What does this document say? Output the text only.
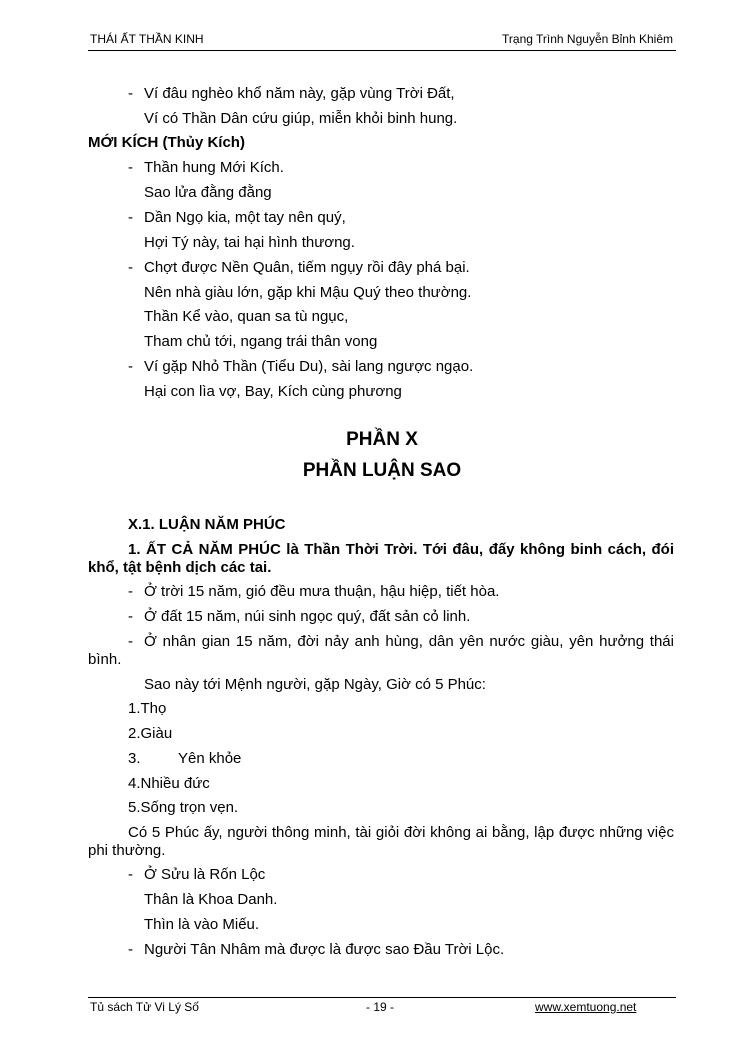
THÁI ẤT THẦN KINH	Trạng Trình Nguyễn Bỉnh Khiêm
- Ví đâu nghèo khổ năm này, gặp vùng Trời Đất,
Ví có Thần Dân cứu giúp, miễn khỏi binh hung.
MỚI KÍCH (Thủy Kích)
- Thần hung Mới Kích.
Sao lửa đằng đằng
- Dần Ngọ kia, một tay nên quý,
Hợi Tý này, tai hại hình thương.
- Chợt được Nền Quân, tiếm ngụy rồi đây phá bại.
Nên nhà giàu lớn, gặp khi Mậu Quý theo thường.
Thần Kể vào, quan sa tù ngục,
Tham chủ tới, ngang trái thân vong
- Ví gặp Nhỏ Thần (Tiểu Du), sài lang ngược ngạo.
Hại con lìa vợ, Bay, Kích cùng phương
PHẦN X
PHẦN LUẬN SAO
X.1. LUẬN NĂM PHÚC
1. ẤT CẢ NĂM PHÚC là Thần Thời Trời. Tới đâu, đấy không binh cách, đói khổ, tật bệnh dịch các tai.
- Ở trời 15 năm, gió đều mưa thuận, hậu hiệp, tiết hòa.
- Ở đất 15 năm, núi sinh ngọc quý, đất sản cỏ linh.
- Ở nhân gian 15 năm, đời nảy anh hùng, dân yên nước giàu, yên hưởng thái bình.
Sao này tới Mệnh người, gặp Ngày, Giờ có 5 Phúc:
1.Thọ
2.Giàu
3. Yên khỏe
4.Nhiều đức
5.Sống trọn vẹn.
Có 5 Phúc ấy, người thông minh, tài giỏi đời không ai bằng, lập được những việc phi thường.
- Ở Sửu là Rốn Lộc
Thân là Khoa Danh.
Thìn là vào Miếu.
- Người Tân Nhâm mà được là được sao Đầu Trời Lộc.
Tủ sách Tử Vi Lý Số	- 19 -	www.xemtuong.net
